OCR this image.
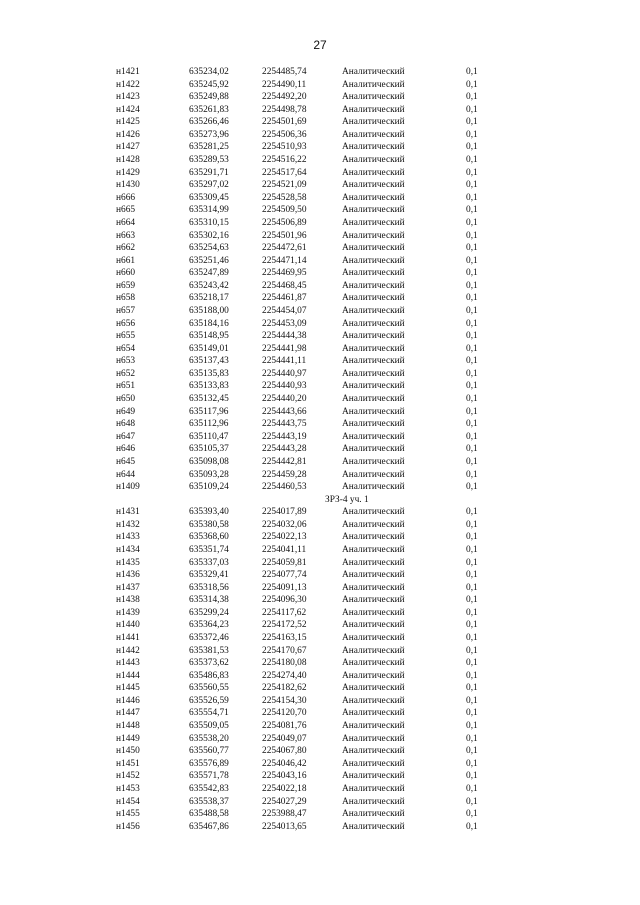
27
н1421	635234,02	2254485,74	Аналитический	0,1
н1422	635245,92	2254490,11	Аналитический	0,1
н1423	635249,88	2254492,20	Аналитический	0,1
н1424	635261,83	2254498,78	Аналитический	0,1
н1425	635266,46	2254501,69	Аналитический	0,1
н1426	635273,96	2254506,36	Аналитический	0,1
н1427	635281,25	2254510,93	Аналитический	0,1
н1428	635289,53	2254516,22	Аналитический	0,1
н1429	635291,71	2254517,64	Аналитический	0,1
н1430	635297,02	2254521,09	Аналитический	0,1
н666	635309,45	2254528,58	Аналитический	0,1
н665	635314,99	2254509,50	Аналитический	0,1
н664	635310,15	2254506,89	Аналитический	0,1
н663	635302,16	2254501,96	Аналитический	0,1
н662	635254,63	2254472,61	Аналитический	0,1
н661	635251,46	2254471,14	Аналитический	0,1
н660	635247,89	2254469,95	Аналитический	0,1
н659	635243,42	2254468,45	Аналитический	0,1
н658	635218,17	2254461,87	Аналитический	0,1
н657	635188,00	2254454,07	Аналитический	0,1
н656	635184,16	2254453,09	Аналитический	0,1
н655	635148,95	2254444,38	Аналитический	0,1
н654	635149,01	2254441,98	Аналитический	0,1
н653	635137,43	2254441,11	Аналитический	0,1
н652	635135,83	2254440,97	Аналитический	0,1
н651	635133,83	2254440,93	Аналитический	0,1
н650	635132,45	2254440,20	Аналитический	0,1
н649	635117,96	2254443,66	Аналитический	0,1
н648	635112,96	2254443,75	Аналитический	0,1
н647	635110,47	2254443,19	Аналитический	0,1
н646	635105,37	2254443,28	Аналитический	0,1
н645	635098,08	2254442,81	Аналитический	0,1
н644	635093,28	2254459,28	Аналитический	0,1
н1409	635109,24	2254460,53	Аналитический	0,1
ЗРЗ-4 уч. 1
н1431	635393,40	2254017,89	Аналитический	0,1
н1432	635380,58	2254032,06	Аналитический	0,1
н1433	635368,60	2254022,13	Аналитический	0,1
н1434	635351,74	2254041,11	Аналитический	0,1
н1435	635337,03	2254059,81	Аналитический	0,1
н1436	635329,41	2254077,74	Аналитический	0,1
н1437	635318,56	2254091,13	Аналитический	0,1
н1438	635314,38	2254096,30	Аналитический	0,1
н1439	635299,24	2254117,62	Аналитический	0,1
н1440	635364,23	2254172,52	Аналитический	0,1
н1441	635372,46	2254163,15	Аналитический	0,1
н1442	635381,53	2254170,67	Аналитический	0,1
н1443	635373,62	2254180,08	Аналитический	0,1
н1444	635486,83	2254274,40	Аналитический	0,1
н1445	635560,55	2254182,62	Аналитический	0,1
н1446	635526,59	2254154,30	Аналитический	0,1
н1447	635554,71	2254120,70	Аналитический	0,1
н1448	635509,05	2254081,76	Аналитический	0,1
н1449	635538,20	2254049,07	Аналитический	0,1
н1450	635560,77	2254067,80	Аналитический	0,1
н1451	635576,89	2254046,42	Аналитический	0,1
н1452	635571,78	2254043,16	Аналитический	0,1
н1453	635542,83	2254022,18	Аналитический	0,1
н1454	635538,37	2254027,29	Аналитический	0,1
н1455	635488,58	2253988,47	Аналитический	0,1
н1456	635467,86	2254013,65	Аналитический	0,1
